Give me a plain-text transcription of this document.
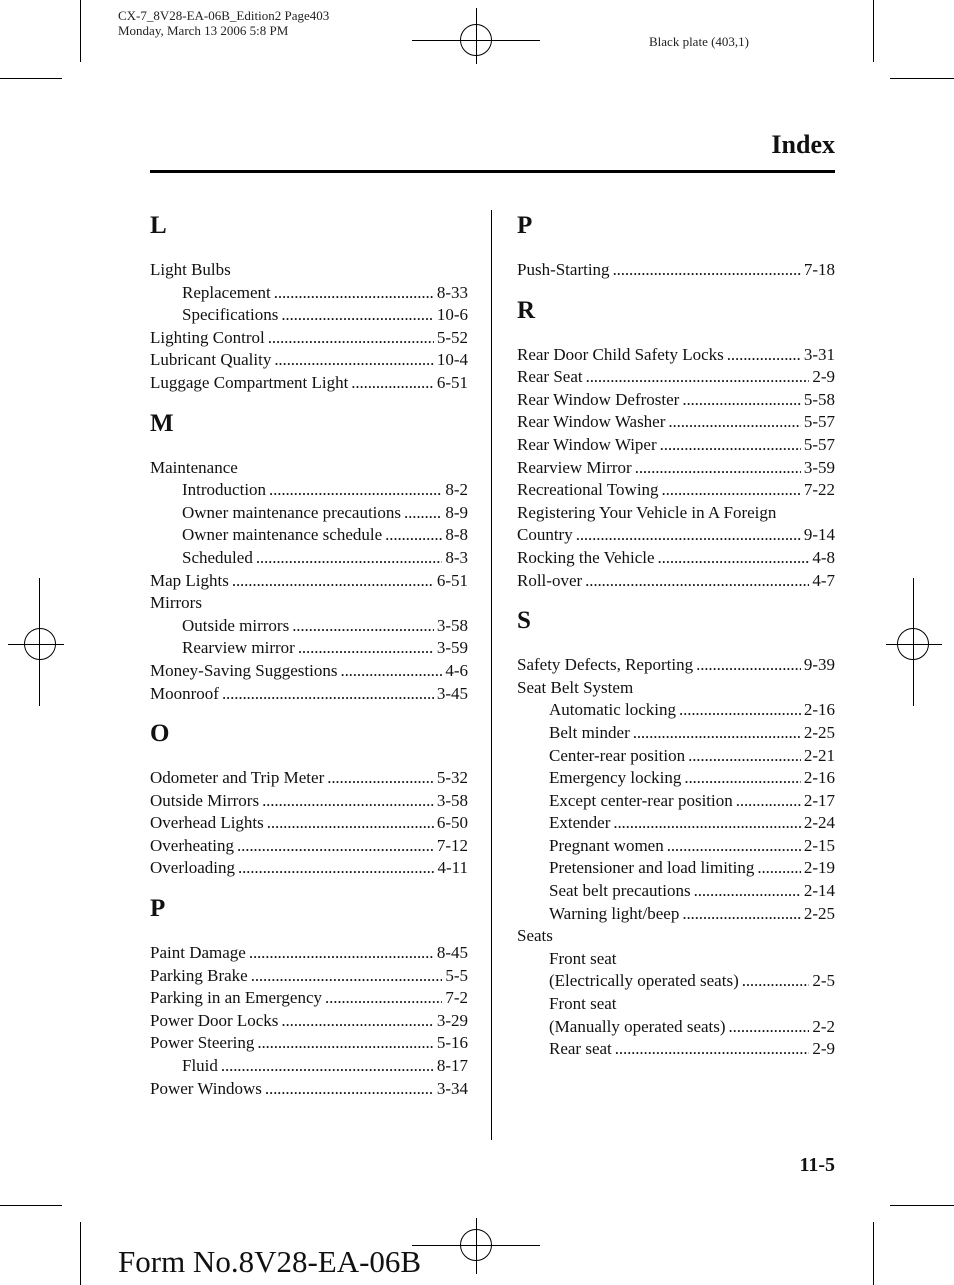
CX-7_8V28-EA-06B_Edition2 Page403
Monday, March 13 2006 5:8 PM
Black plate (403,1)
Index
L
Light Bulbs
Replacement . . .	8-33
Specifications . . .	10-6
Lighting Control . . .	5-52
Lubricant Quality . . .	10-4
Luggage Compartment Light . . .	6-51
M
Maintenance
Introduction . . .	8-2
Owner maintenance precautions . . .	8-9
Owner maintenance schedule . . .	8-8
Scheduled . . .	8-3
Map Lights . . .	6-51
Mirrors
Outside mirrors . . .	3-58
Rearview mirror . . .	3-59
Money-Saving Suggestions . . .	4-6
Moonroof . . .	3-45
O
Odometer and Trip Meter . . .	5-32
Outside Mirrors . . .	3-58
Overhead Lights . . .	6-50
Overheating . . .	7-12
Overloading . . .	4-11
P
Paint Damage . . .	8-45
Parking Brake . . .	5-5
Parking in an Emergency . . .	7-2
Power Door Locks . . .	3-29
Power Steering . . .	5-16
Fluid . . .	8-17
Power Windows . . .	3-34
P
Push-Starting . . .	7-18
R
Rear Door Child Safety Locks . . .	3-31
Rear Seat . . .	2-9
Rear Window Defroster . . .	5-58
Rear Window Washer . . .	5-57
Rear Window Wiper . . .	5-57
Rearview Mirror . . .	3-59
Recreational Towing . . .	7-22
Registering Your Vehicle in A Foreign
Country . . .	9-14
Rocking the Vehicle . . .	4-8
Roll-over . . .	4-7
S
Safety Defects, Reporting . . .	9-39
Seat Belt System
Automatic locking . . .	2-16
Belt minder . . .	2-25
Center-rear position . . .	2-21
Emergency locking . . .	2-16
Except center-rear position . . .	2-17
Extender . . .	2-24
Pregnant women . . .	2-15
Pretensioner and load limiting . . .	2-19
Seat belt precautions . . .	2-14
Warning light/beep . . .	2-25
Seats
Front seat
(Electrically operated seats) . . .	2-5
Front seat
(Manually operated seats) . . .	2-2
Rear seat . . .	2-9
11-5
Form No.8V28-EA-06B
